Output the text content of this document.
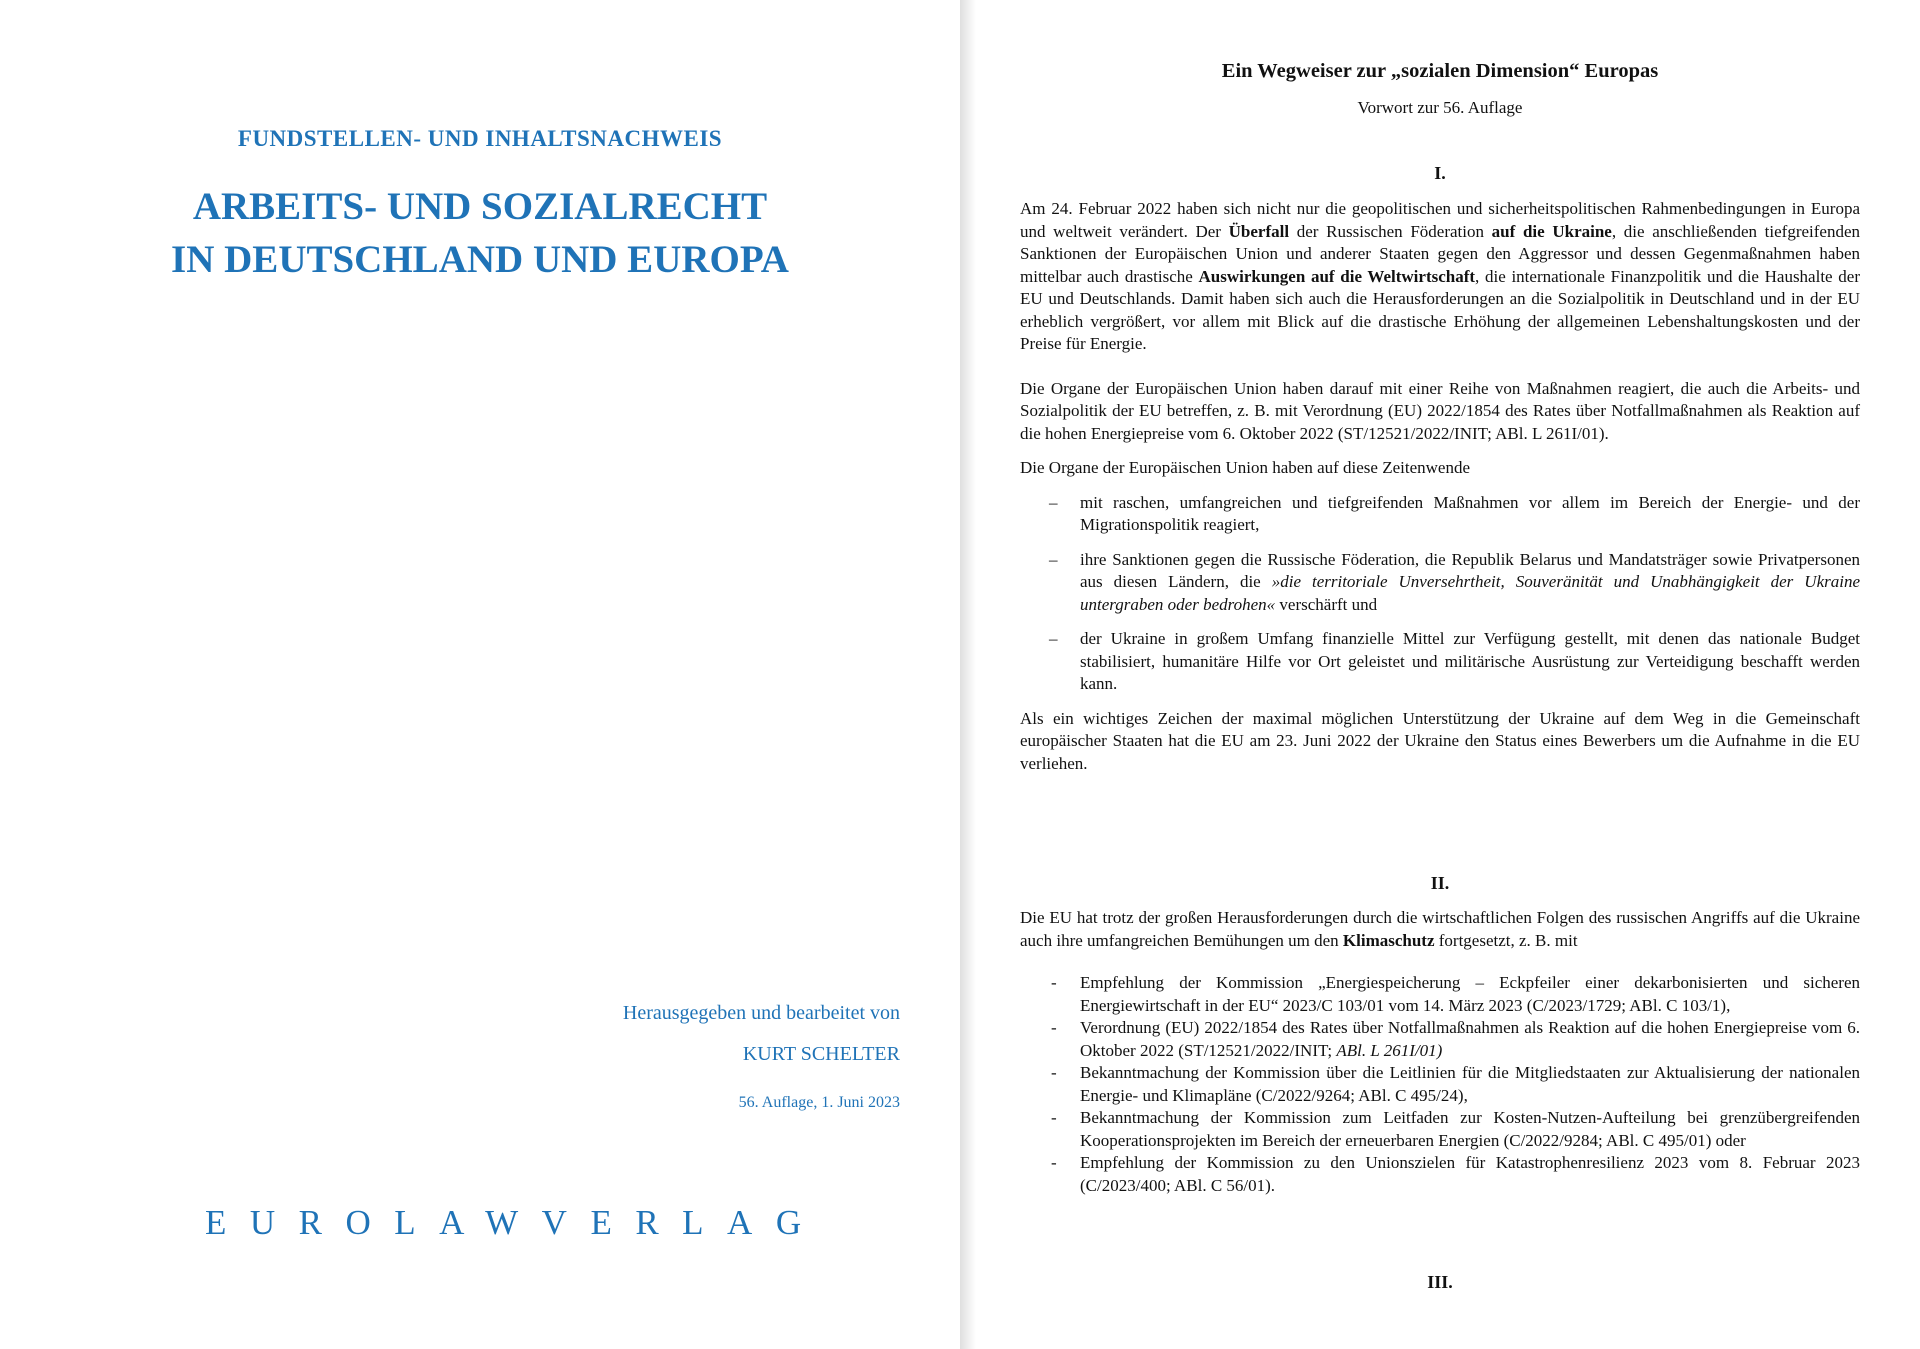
FUNDSTELLEN- UND INHALTSNACHWEIS
ARBEITS- UND SOZIALRECHT
IN DEUTSCHLAND UND EUROPA
Herausgegeben und bearbeitet von
KURT SCHELTER
56. Auflage, 1. Juni 2023
EUROLAWVERLAG
Ein Wegweiser zur „sozialen Dimension“ Europas
Vorwort zur 56. Auflage
I.

Am 24. Februar 2022 haben sich nicht nur die geopolitischen und sicherheitspolitischen Rahmenbedingungen in Europa und weltweit verändert. Der Überfall der Russischen Föderation auf die Ukraine, die anschließenden tiefgreifenden Sanktionen der Europäischen Union und anderer Staaten gegen den Aggressor und dessen Gegenmaßnahmen haben mittelbar auch drastische Auswirkungen auf die Weltwirtschaft, die internationale Finanzpolitik und die Haushalte der EU und Deutschlands. Damit haben sich auch die Herausforderungen an die Sozialpolitik in Deutschland und in der EU erheblich vergrößert, vor allem mit Blick auf die drastische Erhöhung der allgemeinen Lebenshaltungskosten und der Preise für Energie.

Die Organe der Europäischen Union haben darauf mit einer Reihe von Maßnahmen reagiert, die auch die Arbeits- und Sozialpolitik der EU betreffen, z. B. mit Verordnung (EU) 2022/1854 des Rates über Notfallmaßnahmen als Reaktion auf die hohen Energiepreise vom 6. Oktober 2022 (ST/12521/2022/INIT; ABl. L 261I/01).

Die Organe der Europäischen Union haben auf diese Zeitenwende

– mit raschen, umfangreichen und tiefgreifenden Maßnahmen vor allem im Bereich der Energie- und der Migrationspolitik reagiert,
– ihre Sanktionen gegen die Russische Föderation, die Republik Belarus und Mandatsträger sowie Privatpersonen aus diesen Ländern, die »die territoriale Unversehrtheit, Souveränität und Unabhängigkeit der Ukraine untergraben oder bedrohen« verschärft und
– der Ukraine in großem Umfang finanzielle Mittel zur Verfügung gestellt, mit denen das nationale Budget stabilisiert, humanitäre Hilfe vor Ort geleistet und militärische Ausrüstung zur Verteidigung beschafft werden kann.

Als ein wichtiges Zeichen der maximal möglichen Unterstützung der Ukraine auf dem Weg in die Gemeinschaft europäischer Staaten hat die EU am 23. Juni 2022 der Ukraine den Status eines Bewerbers um die Aufnahme in die EU verliehen.

II.

Die EU hat trotz der großen Herausforderungen durch die wirtschaftlichen Folgen des russischen Angriffs auf die Ukraine auch ihre umfangreichen Bemühungen um den Klimaschutz fortgesetzt, z. B. mit

- Empfehlung der Kommission „Energiespeicherung – Eckpfeiler einer dekarbonisierten und sicheren Energiewirtschaft in der EU“ 2023/C 103/01 vom 14. März 2023 (C/2023/1729; ABl. C 103/1),
- Verordnung (EU) 2022/1854 des Rates über Notfallmaßnahmen als Reaktion auf die hohen Energiepreise vom 6. Oktober 2022 (ST/12521/2022/INIT; ABl. L 261I/01)
- Bekanntmachung der Kommission über die Leitlinien für die Mitgliedstaaten zur Aktualisierung der nationalen Energie- und Klimapläne (C/2022/9264; ABl. C 495/24),
- Bekanntmachung der Kommission zum Leitfaden zur Kosten-Nutzen-Aufteilung bei grenzübergreifenden Kooperationsprojekten im Bereich der erneuerbaren Energien (C/2022/9284; ABl. C 495/01) oder
- Empfehlung der Kommission zu den Unionszielen für Katastrophenresilienz 2023 vom 8. Februar 2023 (C/2023/400; ABl. C 56/01).
III.
